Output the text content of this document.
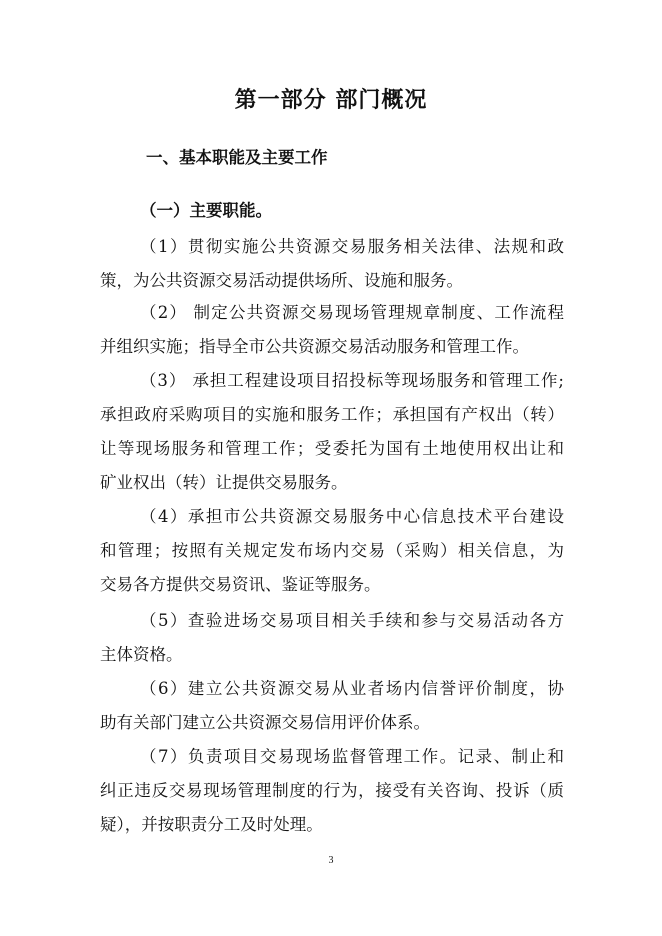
第一部分 部门概况
一、基本职能及主要工作
（一）主要职能。
（1）贯彻实施公共资源交易服务相关法律、法规和政
策，为公共资源交易活动提供场所、设施和服务。
（2） 制定公共资源交易现场管理规章制度、工作流程
并组织实施；指导全市公共资源交易活动服务和管理工作。
（3） 承担工程建设项目招投标等现场服务和管理工作;
承担政府采购项目的实施和服务工作；承担国有产权出（转）
让等现场服务和管理工作；受委托为国有土地使用权出让和
矿业权出（转）让提供交易服务。
（4）承担市公共资源交易服务中心信息技术平台建设
和管理；按照有关规定发布场内交易（采购）相关信息，为
交易各方提供交易资讯、鉴证等服务。
（5）查验进场交易项目相关手续和参与交易活动各方
主体资格。
（6）建立公共资源交易从业者场内信誉评价制度，协
助有关部门建立公共资源交易信用评价体系。
（7）负责项目交易现场监督管理工作。记录、制止和
纠正违反交易现场管理制度的行为，接受有关咨询、投诉（质
疑），并按职责分工及时处理。
3
